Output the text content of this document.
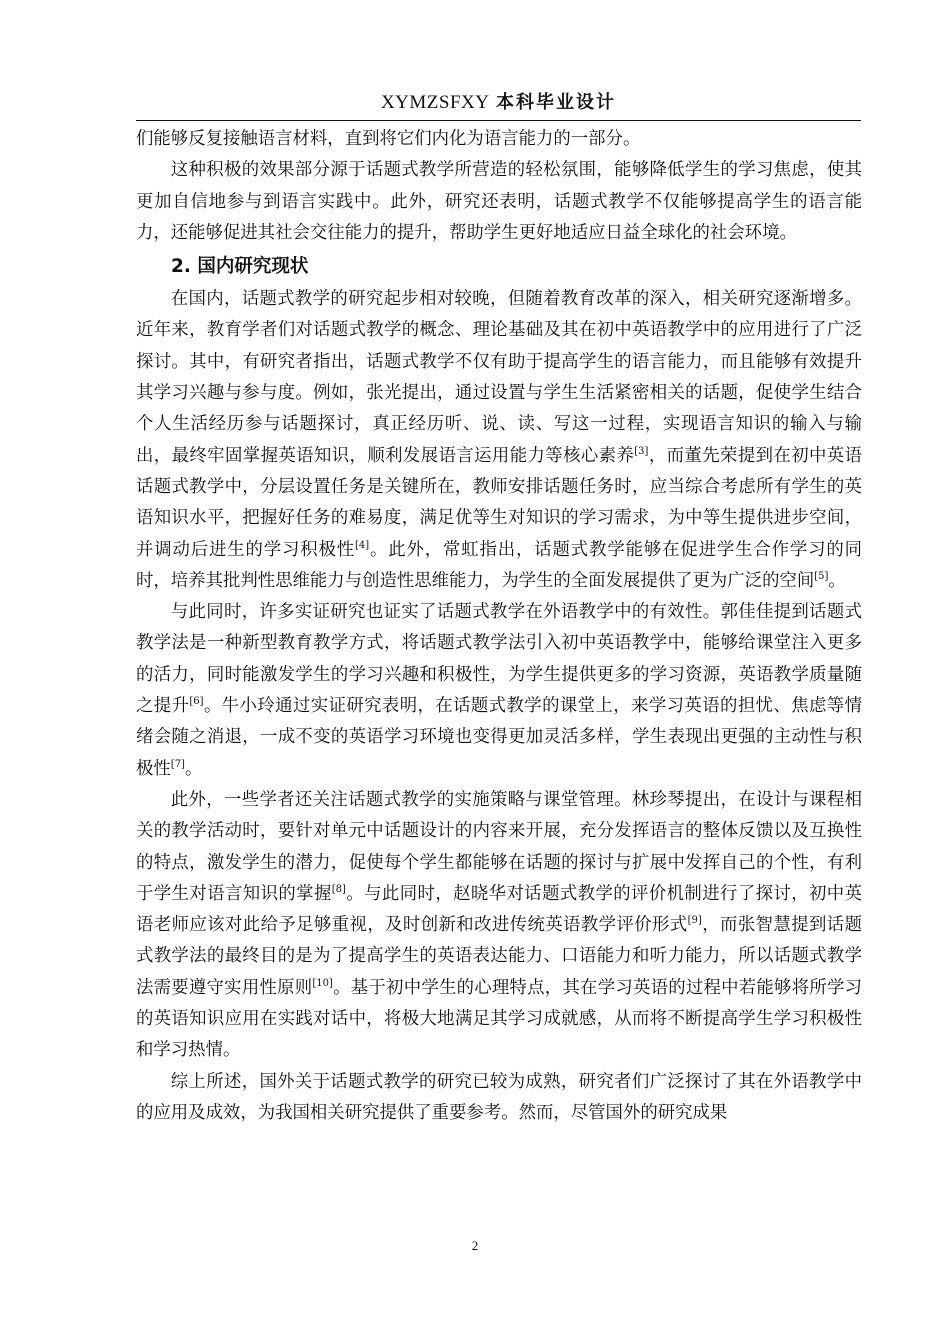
XYMZSFXY 本科毕业设计

们能够反复接触语言材料，直到将它们内化为语言能力的一部分。

这种积极的效果部分源于话题式教学所营造的轻松氛围，能够降低学生的学习焦虑，使其更加自信地参与到语言实践中。此外，研究还表明，话题式教学不仅能够提高学生的语言能力，还能够促进其社会交往能力的提升，帮助学生更好地适应日益全球化的社会环境。

2. 国内研究现状

在国内，话题式教学的研究起步相对较晚，但随着教育改革的深入，相关研究逐渐增多。近年来，教育学者们对话题式教学的概念、理论基础及其在初中英语教学中的应用进行了广泛探讨。其中，有研究者指出，话题式教学不仅有助于提高学生的语言能力，而且能够有效提升其学习兴趣与参与度。例如，张光提出，通过设置与学生生活紧密相关的话题，促使学生结合个人生活经历参与话题探讨，真正经历听、说、读、写这一过程，实现语言知识的输入与输出，最终牢固掌握英语知识，顺利发展语言运用能力等核心素养[3]，而董先荣提到在初中英语话题式教学中，分层设置任务是关键所在，教师安排话题任务时，应当综合考虑所有学生的英语知识水平，把握好任务的难易度，满足优等生对知识的学习需求，为中等生提供进步空间，并调动后进生的学习积极性[4]。此外，常虹指出，话题式教学能够在促进学生合作学习的同时，培养其批判性思维能力与创造性思维能力，为学生的全面发展提供了更为广泛的空间[5]。

与此同时，许多实证研究也证实了话题式教学在外语教学中的有效性。郭佳佳提到话题式教学法是一种新型教育教学方式，将话题式教学法引入初中英语教学中，能够给课堂注入更多的活力，同时能激发学生的学习兴趣和积极性，为学生提供更多的学习资源，英语教学质量随之提升[6]。牛小玲通过实证研究表明，在话题式教学的课堂上，来学习英语的担忧、焦虑等情绪会随之消退，一成不变的英语学习环境也变得更加灵活多样，学生表现出更强的主动性与积极性[7]。

此外，一些学者还关注话题式教学的实施策略与课堂管理。林珍琴提出，在设计与课程相关的教学活动时，要针对单元中话题设计的内容来开展，充分发挥语言的整体反馈以及互换性的特点，激发学生的潜力，促使每个学生都能够在话题的探讨与扩展中发挥自己的个性，有利于学生对语言知识的掌握[8]。与此同时，赵晓华对话题式教学的评价机制进行了探讨，初中英语老师应该对此给予足够重视，及时创新和改进传统英语教学评价形式[9]，而张智慧提到话题式教学法的最终目的是为了提高学生的英语表达能力、口语能力和听力能力，所以话题式教学法需要遵守实用性原则[10]。基于初中学生的心理特点，其在学习英语的过程中若能够将所学习的英语知识应用在实践对话中，将极大地满足其学习成就感，从而将不断提高学生学习积极性和学习热情。

综上所述，国外关于话题式教学的研究已较为成熟，研究者们广泛探讨了其在外语教学中的应用及成效，为我国相关研究提供了重要参考。然而，尽管国外的研究成果

2
